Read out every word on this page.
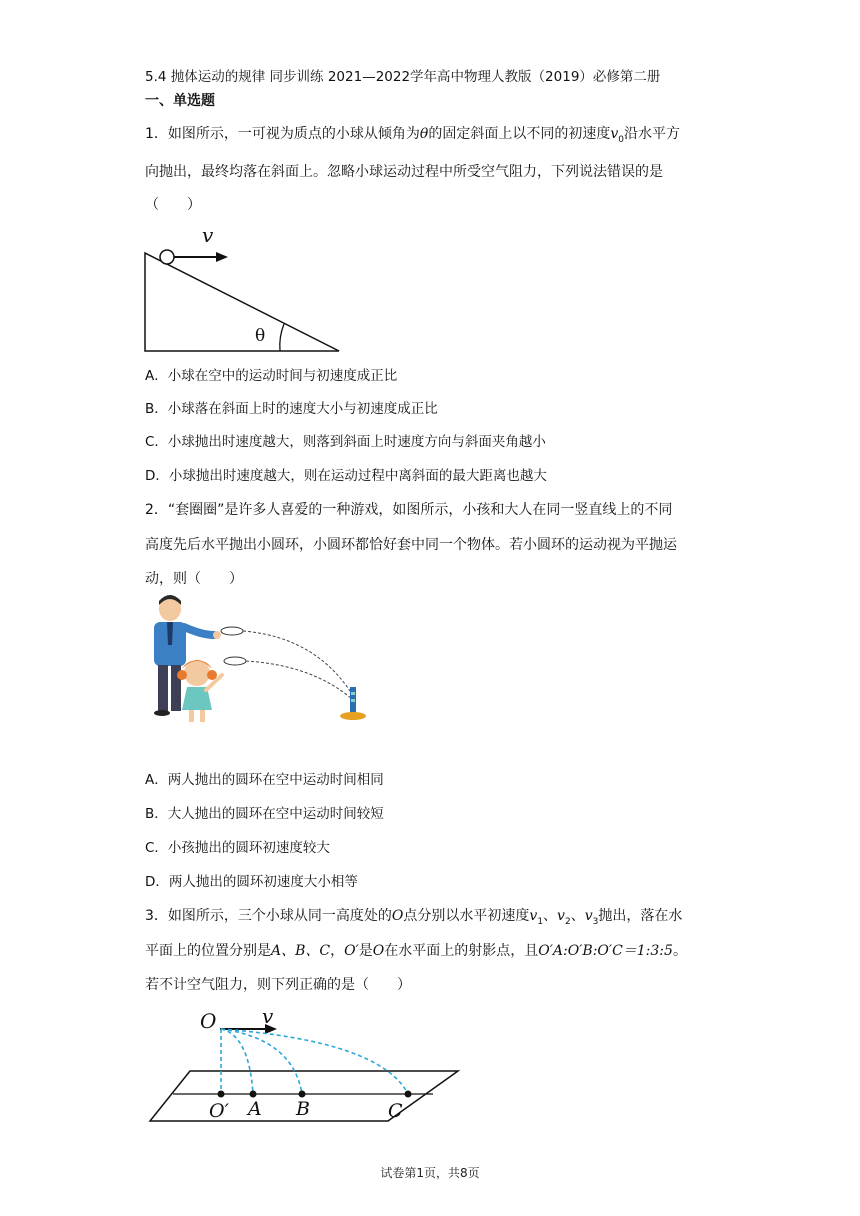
5.4 抛体运动的规律 同步训练 2021—2022学年高中物理人教版（2019）必修第二册
一、单选题
1．如图所示，一可视为质点的小球从倾角为θ的固定斜面上以不同的初速度$v_0$沿水平方
向抛出，最终均落在斜面上。忽略小球运动过程中所受空气阻力，下列说法错误的是
（　　）
v
θ
A．小球在空中的运动时间与初速度成正比
B．小球落在斜面上时的速度大小与初速度成正比
C．小球抛出时速度越大，则落到斜面上时速度方向与斜面夹角越小
D．小球抛出时速度越大，则在运动过程中离斜面的最大距离也越大
2．“套圈圈”是许多人喜爱的一种游戏，如图所示，小孩和大人在同一竖直线上的不同
高度先后水平抛出小圆环，小圆环都恰好套中同一个物体。若小圆环的运动视为平抛运
动，则（　　）
A．两人抛出的圆环在空中运动时间相同
B．大人抛出的圆环在空中运动时间较短
C．小孩抛出的圆环初速度较大
D．两人抛出的圆环初速度大小相等
3．如图所示，三个小球从同一高度处的O点分别以水平初速度$v_1$、$v_2$、$v_3$抛出，落在水
平面上的位置分别是A、B、C，O′是O在水平面上的射影点，且O′A:O′B:O′C＝1:3:5。
若不计空气阻力，则下列正确的是（　　）
O v
O′ A B	C
试卷第1页，共8页
